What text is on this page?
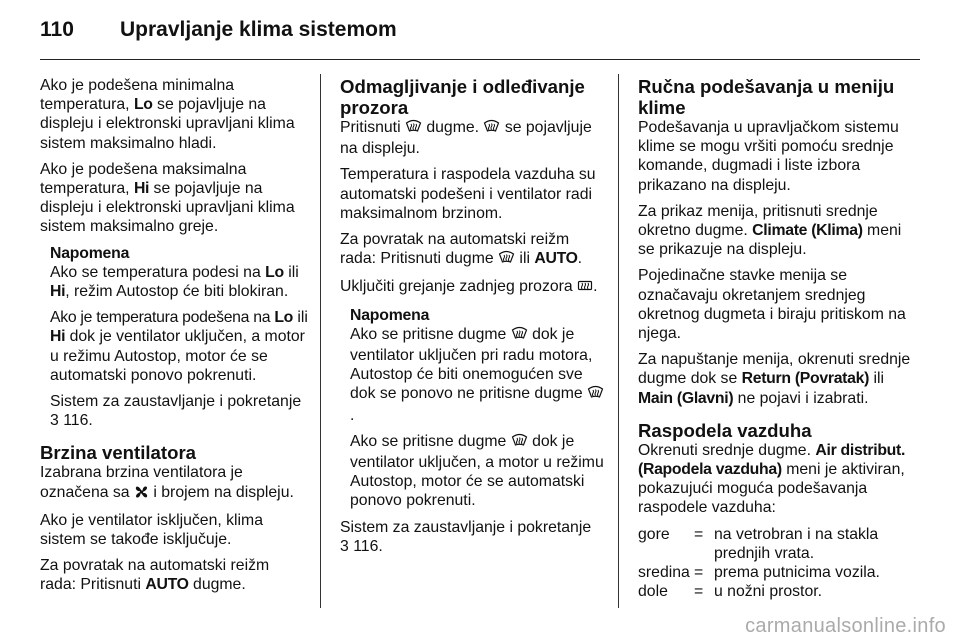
110 Upravljanje klima sistemom

Ako je podešena minimalna temperatura, Lo se pojavljuje na displeju i elektronski upravljani klima sistem maksimalno hladi.

Ako je podešena maksimalna temperatura, Hi se pojavljuje na displeju i elektronski upravljani klima sistem maksimalno greje.

Napomena

Ako se temperatura podesi na Lo ili Hi, režim Autostop će biti blokiran.

Ako je temperatura podešena na Lo ili Hi dok je ventilator uključen, a motor u režimu Autostop, motor će se automatski ponovo pokrenuti.

Sistem za zaustavljanje i pokretanje
3 116.

Brzina ventilatora

Izabrana brzina ventilatora je označena sa  i brojem na displeju.

Ako je ventilator isključen, klima sistem se takođe isključuje.

Za povratak na automatski reižm rada: Pritisnuti AUTO dugme.

Odmagljivanje i odleđivanje prozora

Pritisnuti  dugme.  se pojavljuje na displeju.

Temperatura i raspodela vazduha su automatski podešeni i ventilator radi maksimalnom brzinom.

Za povratak na automatski reižm rada: Pritisnuti dugme  ili AUTO.

Uključiti grejanje zadnjeg prozora .

Napomena

Ako se pritisne dugme  dok je ventilator uključen pri radu motora, Autostop će biti onemogućen sve dok se ponovo ne pritisne dugme .

Ako se pritisne dugme  dok je ventilator uključen, a motor u režimu Autostop, motor će se automatski ponovo pokrenuti.

Sistem za zaustavljanje i pokretanje
3 116.

Ručna podešavanja u meniju klime

Podešavanja u upravljačkom sistemu klime se mogu vršiti pomoću srednje komande, dugmadi i liste izbora prikazano na displeju.

Za prikaz menija, pritisnuti srednje okretno dugme. Climate (Klima) meni se prikazuje na displeju.

Pojedinačne stavke menija se označavaju okretanjem srednjeg okretnog dugmeta i biraju pritiskom na njega.

Za napuštanje menija, okrenuti srednje dugme dok se Return (Povratak) ili Main (Glavni) ne pojavi i izabrati.

Raspodela vazduha

Okrenuti srednje dugme. Air distribut. (Rapodela vazduha) meni je aktiviran, pokazujući moguća podešavanja raspodele vazduha:

gore	= na vetrobran i na stakla prednjih vrata.
sredina = prema putnicima vozila.
dole	= u nožni prostor.
carmanualsonline.info
